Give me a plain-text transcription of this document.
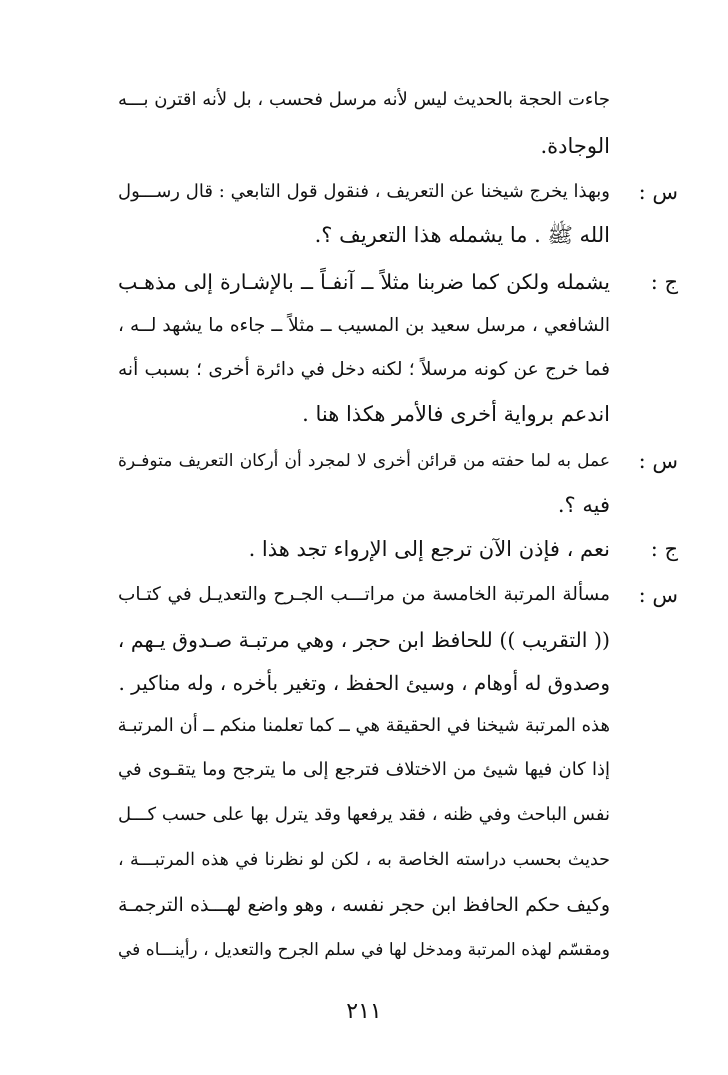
جاءت الحجة بالحديث ليس لأنه مرسل فحسب ، بل لأنه اقترن بـــه
الوجادة.
س :
وبهذا يخرج شيخنا عن التعريف ، فنقول قول التابعي : قال رســـول
الله ﷺ . ما يشمله هذا التعريف ؟.
ج :
يشمله ولكن كما ضربنا مثلاً ــ آنفـاً ــ بالإشـارة إلى مذهـب
الشافعي ، مرسل سعيد بن المسيب ــ مثلاً ــ جاءه ما يشهد لــه ،
فما خرج عن كونه مرسلاً ؛ لكنه دخل في دائرة أخرى ؛ بسبب أنه
اندعم برواية أخرى فالأمر هكذا هنا .
س :
عمل به لما حفته من قرائن أخرى لا لمجرد أن أركان التعريف متوفـرة
فيه ؟.
ج :
نعم ، فإذن الآن ترجع إلى الإرواء تجد هذا .
س :
مسألة المرتبة الخامسة من مراتـــب الجـرح والتعديـل في كتـاب
(( التقريب )) للحافظ ابن حجر ، وهي مرتبـة صـدوق يـهم ،
وصدوق له أوهام ، وسيئ الحفظ ، وتغير بأخره ، وله مناكير .
هذه المرتبة شيخنا في الحقيقة هي ــ كما تعلمنا منكم ــ أن المرتبـة
إذا كان فيها شيئ من الاختلاف فترجع إلى ما يترجح وما يتقـوى في
نفس الباحث وفي ظنه ، فقد يرفعها وقد يترل بها على حسب كـــل
حديث بحسب دراسته الخاصة به ، لكن لو نظرنا في هذه المرتبـــة ،
وكيف حكم الحافظ ابن حجر نفسه ، وهو واضع لهـــذه الترجمـة
ومقسّم لهذه المرتبة ومدخل لها في سلم الجرح والتعديل ، رأينـــاه في
٢١١
